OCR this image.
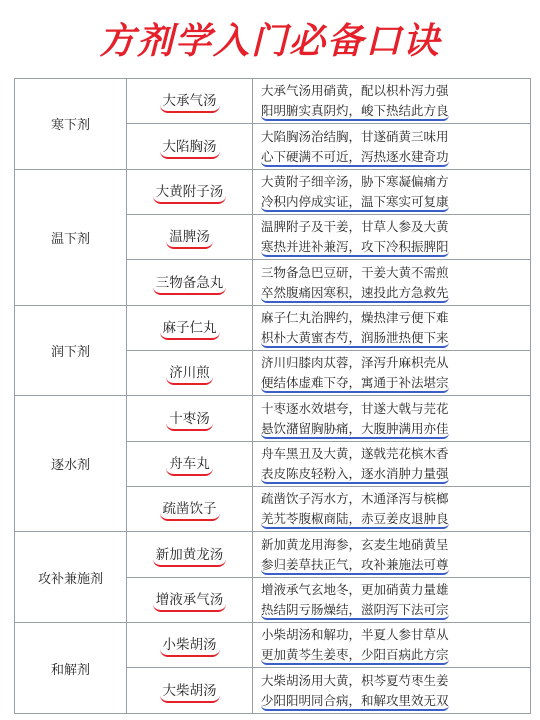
方剂学入门必备口诀
寒下剂	大承气汤	大承气汤用硝黄，配以枳朴泻力强
阳明腑实真阴灼，峻下热结此方良

	大陷胸汤	大陷胸汤治结胸，甘遂硝黄三味用
心下硬满不可近，泻热逐水建奇功

温下剂	大黄附子汤	大黄附子细辛汤，胁下寒凝偏痛方
冷积内停成实证，温下寒实可复康

	温脾汤	温脾附子及干姜，甘草人参及大黄
寒热并进补兼泻，攻下冷积振脾阳

	三物备急丸	三物备急巴豆研，干姜大黄不需煎
卒然腹痛因寒积，速投此方急救先

润下剂	麻子仁丸	麻子仁丸治脾约，燥热津亏便下难
枳朴大黄蜜杏芍，润肠泄热便下来

	济川煎	济川归膝肉苁蓉，泽泻升麻枳壳从
便结体虚难下夺，寓通于补法堪宗

逐水剂	十枣汤	十枣逐水效堪夸，甘遂大戟与芫花
悬饮潴留胸胁痛，大腹肿满用亦佳

	舟车丸	舟车黑丑及大黄，遂戟芫花槟木香
表皮陈皮轻粉入，逐水消肿力量强

	疏凿饮子	疏凿饮子泻水方，木通泽泻与槟榔
羌艽苓腹椒商陆，赤豆姜皮退肿良

攻补兼施剂	新加黄龙汤	新加黄龙用海参，玄麦生地硝黄呈
参归姜草扶正气，攻补兼施法可尊

	增液承气汤	增液承气玄地冬，更加硝黄力量雄
热结阴亏肠燥结，滋阴泻下法可宗

和解剂	小柴胡汤	小柴胡汤和解功，半夏人参甘草从
更加黄芩生姜枣，少阳百病此方宗

	大柴胡汤	大柴胡汤用大黄，枳芩夏芍枣生姜
少阳阳明同合病，和解攻里效无双
